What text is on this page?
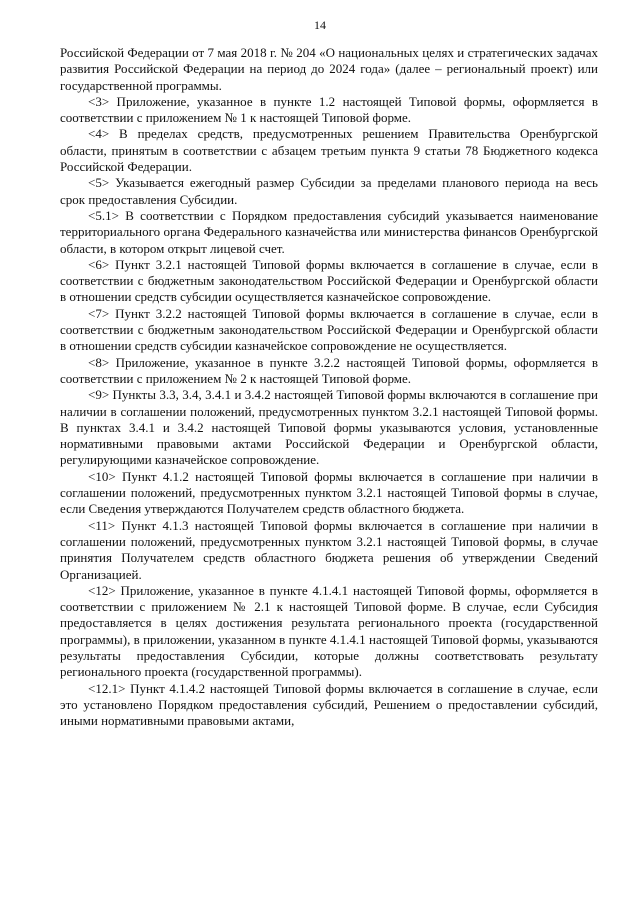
14

Российской Федерации от 7 мая 2018 г. № 204 «О национальных целях и стратегических задачах развития Российской Федерации на период до 2024 года» (далее – региональный проект) или государственной программы.

<3> Приложение, указанное в пункте 1.2 настоящей Типовой формы, оформляется в соответствии с приложением № 1 к настоящей Типовой форме.

<4> В пределах средств, предусмотренных решением Правительства Оренбургской области, принятым в соответствии с абзацем третьим пункта 9 статьи 78 Бюджетного кодекса Российской Федерации.

<5> Указывается ежегодный размер Субсидии за пределами планового периода на весь срок предоставления Субсидии.

<5.1> В соответствии с Порядком предоставления субсидий указывается наименование территориального органа Федерального казначейства или министерства финансов Оренбургской области, в котором открыт лицевой счет.

<6> Пункт 3.2.1 настоящей Типовой формы включается в соглашение в случае, если в соответствии с бюджетным законодательством Российской Федерации и Оренбургской области в отношении средств субсидии осуществляется казначейское сопровождение.

<7> Пункт 3.2.2 настоящей Типовой формы включается в соглашение в случае, если в соответствии с бюджетным законодательством Российской Федерации и Оренбургской области в отношении средств субсидии казначейское сопровождение не осуществляется.

<8> Приложение, указанное в пункте 3.2.2 настоящей Типовой формы, оформляется в соответствии с приложением № 2 к настоящей Типовой форме.

<9> Пункты 3.3, 3.4, 3.4.1 и 3.4.2 настоящей Типовой формы включаются в соглашение при наличии в соглашении положений, предусмотренных пунктом 3.2.1 настоящей Типовой формы. В пунктах 3.4.1 и 3.4.2 настоящей Типовой формы указываются условия, установленные нормативными правовыми актами Российской Федерации и Оренбургской области, регулирующими казначейское сопровождение.

<10> Пункт 4.1.2 настоящей Типовой формы включается в соглашение при наличии в соглашении положений, предусмотренных пунктом 3.2.1 настоящей Типовой формы в случае, если Сведения утверждаются Получателем средств областного бюджета.

<11> Пункт 4.1.3 настоящей Типовой формы включается в соглашение при наличии в соглашении положений, предусмотренных пунктом 3.2.1 настоящей Типовой формы, в случае принятия Получателем средств областного бюджета решения об утверждении Сведений Организацией.

<12> Приложение, указанное в пункте 4.1.4.1 настоящей Типовой формы, оформляется в соответствии с приложением № 2.1 к настоящей Типовой форме. В случае, если Субсидия предоставляется в целях достижения результата регионального проекта (государственной программы), в приложении, указанном в пункте 4.1.4.1 настоящей Типовой формы, указываются результаты предоставления Субсидии, которые должны соответствовать результату регионального проекта (государственной программы).

<12.1> Пункт 4.1.4.2 настоящей Типовой формы включается в соглашение в случае, если это установлено Порядком предоставления субсидий, Решением о предоставлении субсидий, иными нормативными правовыми актами,
